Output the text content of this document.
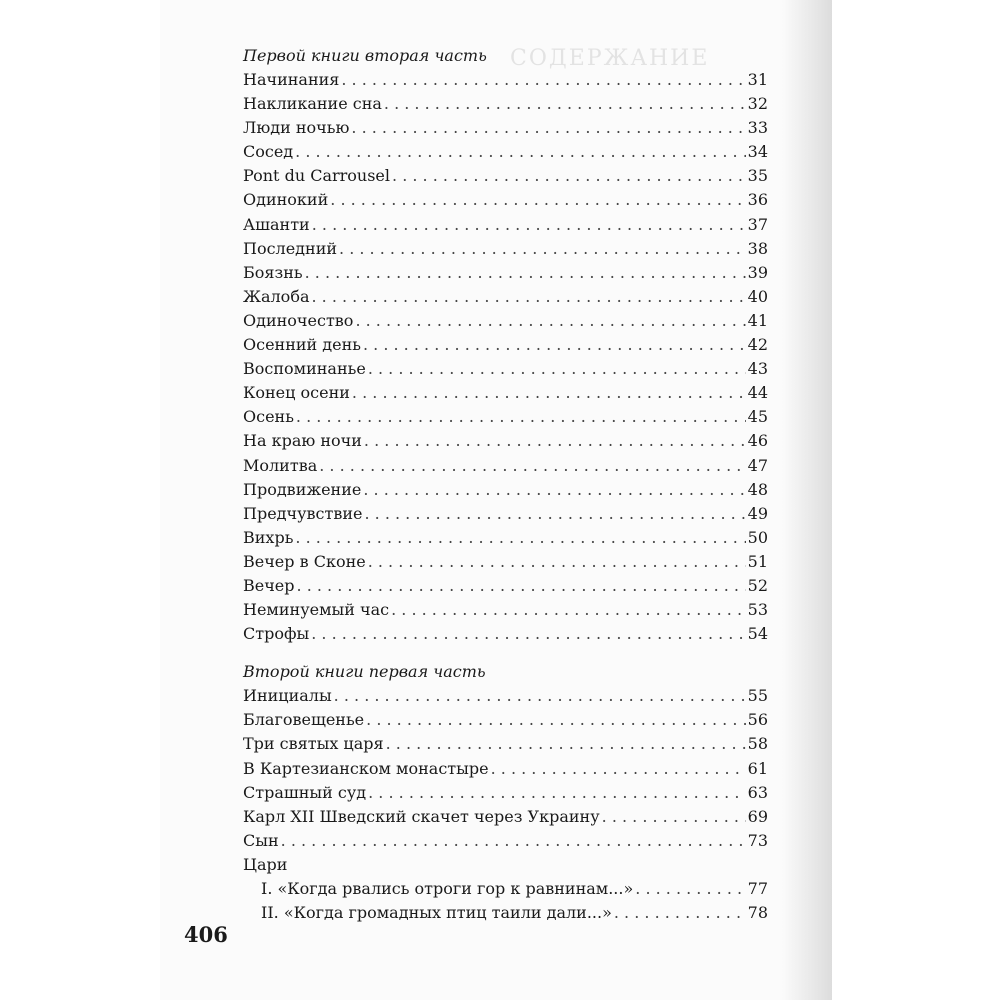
СОДЕРЖАНИЕ
Первой книги вторая часть
Начинания . . .	31
Накликание сна . . .	32
Люди ночью . . .	33
Сосед . . .	34
Pont du Carrousel . . .	35
Одинокий . . .	36
Ашанти . . .	37
Последний . . .	38
Боязнь . . .	39
Жалоба . . .	40
Одиночество . . .	41
Осенний день . . .	42
Воспоминанье . . .	43
Конец осени . . .	44
Осень . . .	45
На краю ночи . . .	46
Молитва . . .	47
Продвижение . . .	48
Предчувствие . . .	49
Вихрь . . .	50
Вечер в Сконе . . .	51
Вечер . . .	52
Неминуемый час . . .	53
Строфы . . .	54
Второй книги первая часть
Инициалы . . .	55
Благовещенье . . .	56
Три святых царя . . .	58
В Картезианском монастыре . . .	61
Страшный суд . . .	63
Карл XII Шведский скачет через Украину . . .	69
Сын . . .	73
Цари
I. «Когда рвались отроги гор к равнинам...» . . .	77
II. «Когда громадных птиц таили дали...» . . .	78
406
